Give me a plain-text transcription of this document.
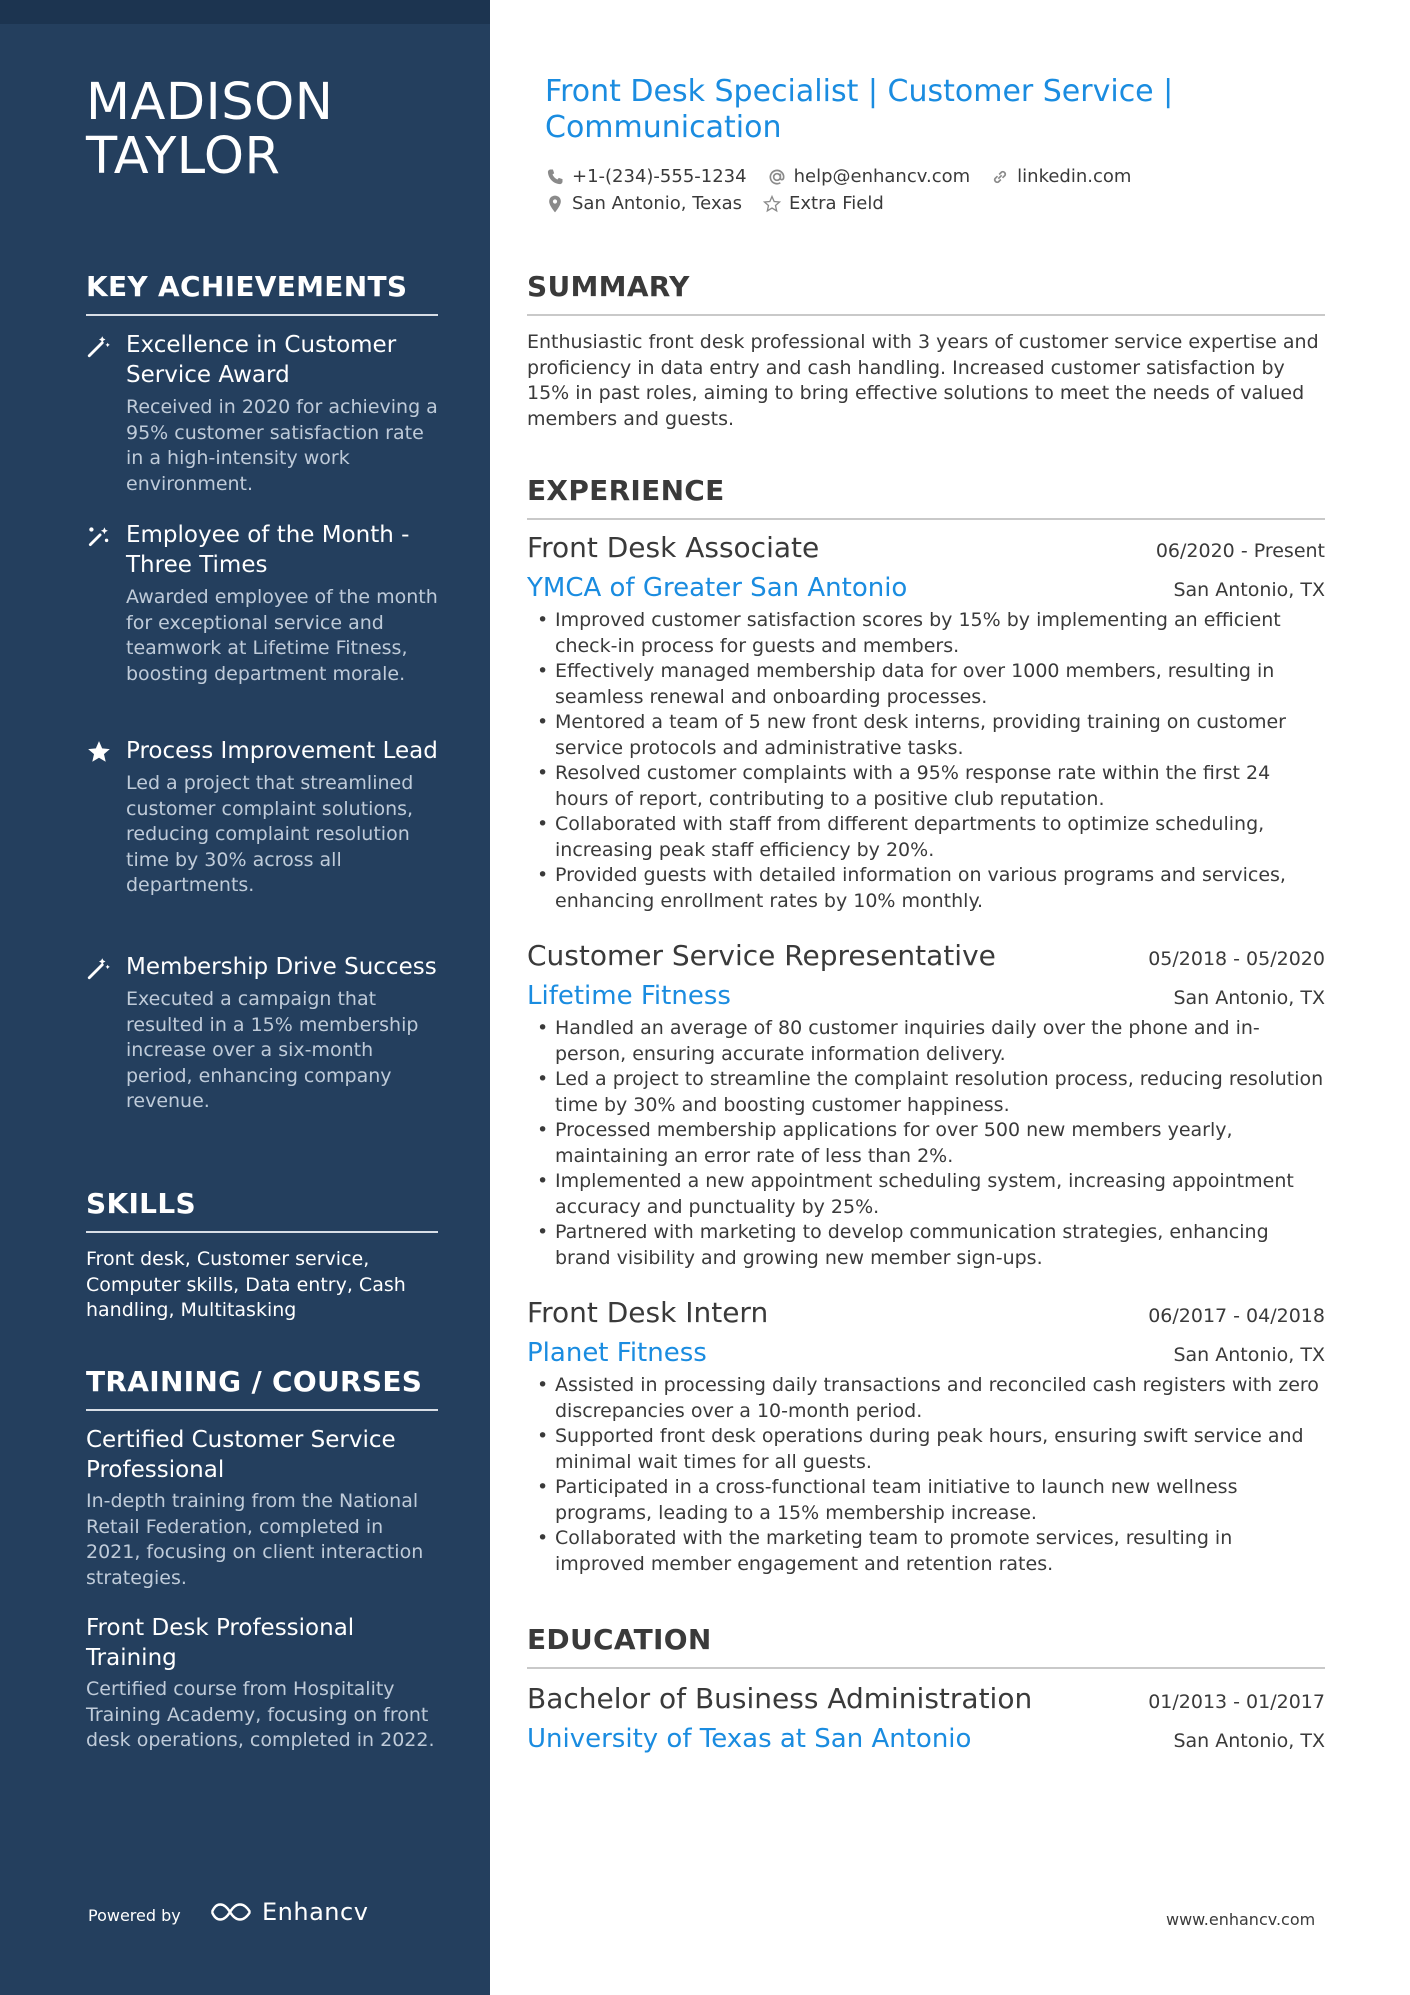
MADISON
TAYLOR
KEY ACHIEVEMENTS
Excellence in Customer Service Award
Received in 2020 for achieving a 95% customer satisfaction rate in a high-intensity work environment.
Employee of the Month - Three Times
Awarded employee of the month for exceptional service and teamwork at Lifetime Fitness, boosting department morale.
Process Improvement Lead
Led a project that streamlined customer complaint solutions, reducing complaint resolution time by 30% across all departments.
Membership Drive Success
Executed a campaign that resulted in a 15% membership increase over a six-month period, enhancing company revenue.
SKILLS
Front desk, Customer service, Computer skills, Data entry, Cash handling, Multitasking
TRAINING / COURSES
Certified Customer Service Professional
In-depth training from the National Retail Federation, completed in 2021, focusing on client interaction strategies.
Front Desk Professional Training
Certified course from Hospitality Training Academy, focusing on front desk operations, completed in 2022.
Powered by	Enhancv
Front Desk Specialist | Customer Service | Communication
+1-(234)-555-1234	help@enhancv.com	linkedin.com
San Antonio, Texas	Extra Field
SUMMARY

Enthusiastic front desk professional with 3 years of customer service expertise and proficiency in data entry and cash handling. Increased customer satisfaction by 15% in past roles, aiming to bring effective solutions to meet the needs of valued members and guests.

EXPERIENCE
Front Desk Associate	06/2020 - Present
YMCA of Greater San Antonio	San Antonio, TX
• Improved customer satisfaction scores by 15% by implementing an efficient check-in process for guests and members.
• Effectively managed membership data for over 1000 members, resulting in seamless renewal and onboarding processes.
• Mentored a team of 5 new front desk interns, providing training on customer service protocols and administrative tasks.
• Resolved customer complaints with a 95% response rate within the first 24 hours of report, contributing to a positive club reputation.
• Collaborated with staff from different departments to optimize scheduling, increasing peak staff efficiency by 20%.
• Provided guests with detailed information on various programs and services, enhancing enrollment rates by 10% monthly.
Customer Service Representative	05/2018 - 05/2020
Lifetime Fitness	San Antonio, TX
• Handled an average of 80 customer inquiries daily over the phone and in-person, ensuring accurate information delivery.
• Led a project to streamline the complaint resolution process, reducing resolution time by 30% and boosting customer happiness.
• Processed membership applications for over 500 new members yearly, maintaining an error rate of less than 2%.
• Implemented a new appointment scheduling system, increasing appointment accuracy and punctuality by 25%.
• Partnered with marketing to develop communication strategies, enhancing brand visibility and growing new member sign-ups.
Front Desk Intern	06/2017 - 04/2018
Planet Fitness	San Antonio, TX
• Assisted in processing daily transactions and reconciled cash registers with zero discrepancies over a 10-month period.
• Supported front desk operations during peak hours, ensuring swift service and minimal wait times for all guests.
• Participated in a cross-functional team initiative to launch new wellness programs, leading to a 15% membership increase.
• Collaborated with the marketing team to promote services, resulting in improved member engagement and retention rates.
EDUCATION
Bachelor of Business Administration	01/2013 - 01/2017
University of Texas at San Antonio	San Antonio, TX
www.enhancv.com
